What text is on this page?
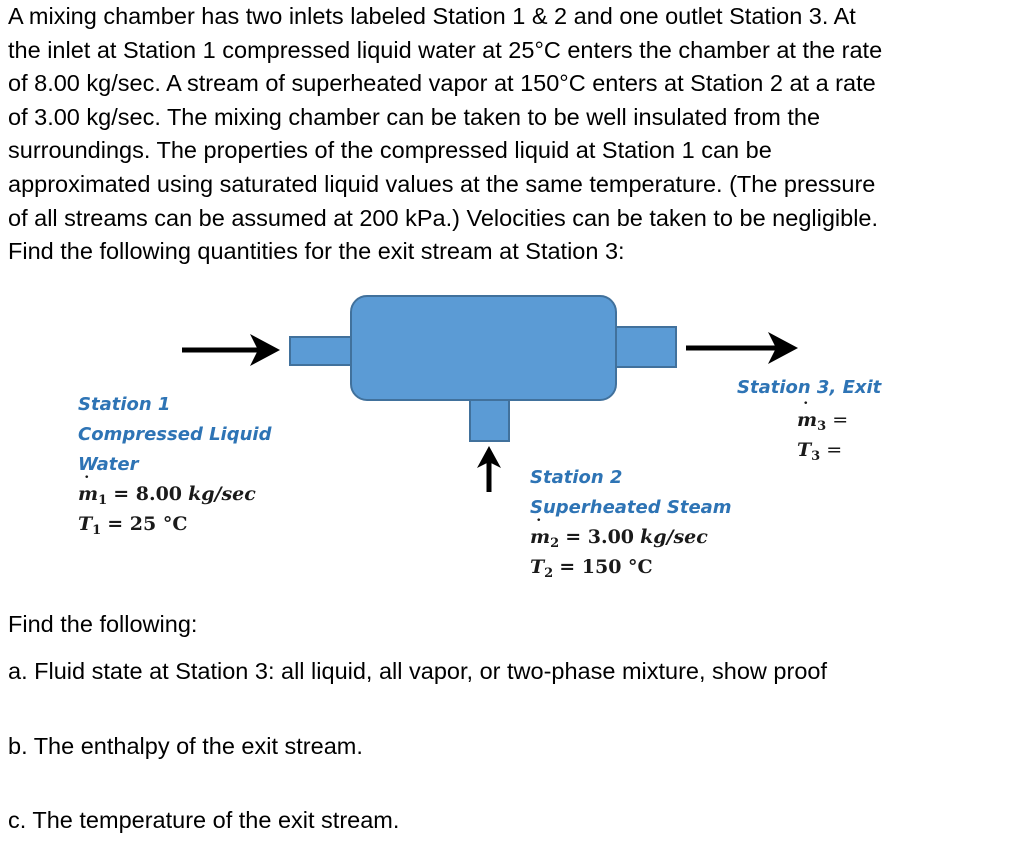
A mixing chamber has two inlets labeled Station 1 & 2 and one outlet Station 3. At

the inlet at Station 1 compressed liquid water at 25°C enters the chamber at the rate

of 8.00 kg/sec. A stream of superheated vapor at 150°C enters at Station 2 at a rate

of 3.00 kg/sec. The mixing chamber can be taken to be well insulated from the

surroundings. The properties of the compressed liquid at Station 1 can be

approximated using saturated liquid values at the same temperature. (The pressure

of all streams can be assumed at 200 kPa.) Velocities can be taken to be negligible.

Find the following quantities for the exit stream at Station 3:

Station 1
Compressed Liquid
Water
˙ $m_1 = 8.00$ kg/sec
$T_1 = 25$ °C
Station 2
Superheated Steam
˙ $m_2 = 3.00$ kg/sec
$T_2 = 150$ °C
Station 3, Exit
˙ $m_3$ =
$T_3$ =
Find the following:
a. Fluid state at Station 3: all liquid, all vapor, or two-phase mixture, show proof
b. The enthalpy of the exit stream.
c. The temperature of the exit stream.
